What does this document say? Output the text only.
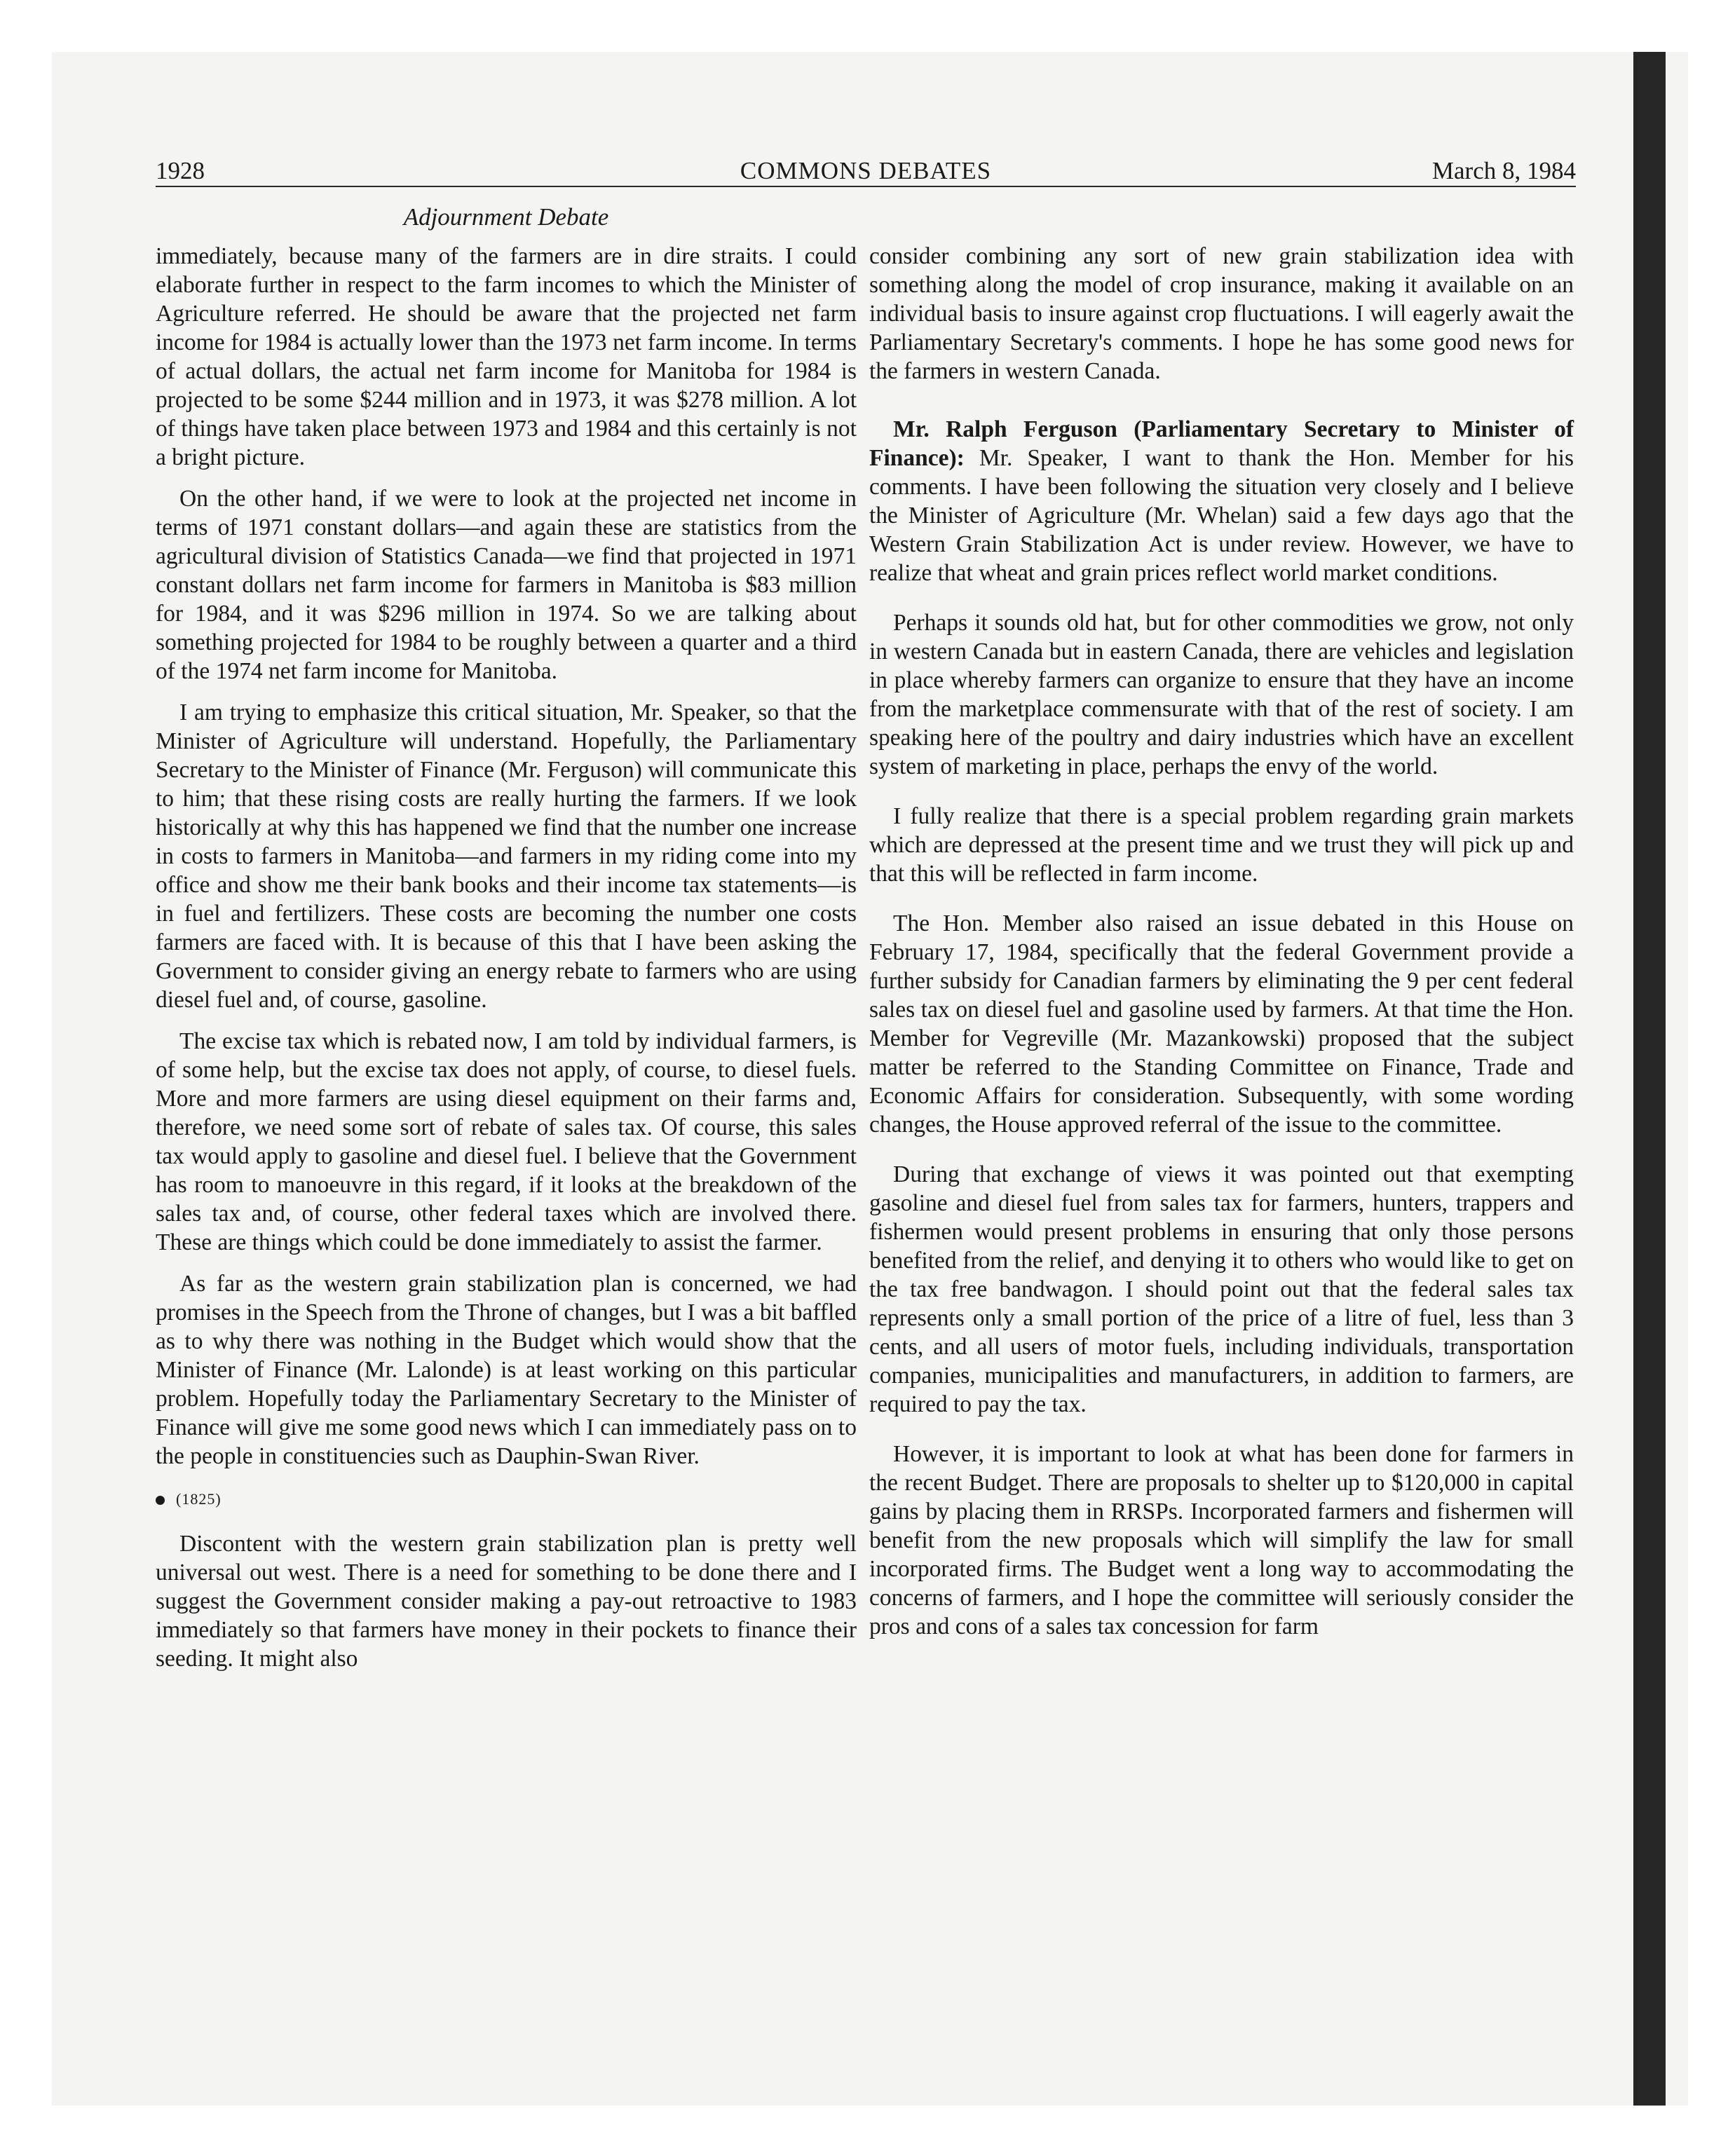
1928	COMMONS DEBATES	March 8, 1984
Adjournment Debate

immediately, because many of the farmers are in dire straits. I could elaborate further in respect to the farm incomes to which the Minister of Agriculture referred. He should be aware that the projected net farm income for 1984 is actually lower than the 1973 net farm income. In terms of actual dollars, the actual net farm income for Manitoba for 1984 is projected to be some $244 million and in 1973, it was $278 million. A lot of things have taken place between 1973 and 1984 and this certainly is not a bright picture.

On the other hand, if we were to look at the projected net income in terms of 1971 constant dollars—and again these are statistics from the agricultural division of Statistics Canada—we find that projected in 1971 constant dollars net farm income for farmers in Manitoba is $83 million for 1984, and it was $296 million in 1974. So we are talking about something projected for 1984 to be roughly between a quarter and a third of the 1974 net farm income for Manitoba.

I am trying to emphasize this critical situation, Mr. Speaker, so that the Minister of Agriculture will understand. Hopefully, the Parliamentary Secretary to the Minister of Finance (Mr. Ferguson) will communicate this to him; that these rising costs are really hurting the farmers. If we look historically at why this has happened we find that the number one increase in costs to farmers in Manitoba—and farmers in my riding come into my office and show me their bank books and their income tax statements—is in fuel and fertilizers. These costs are becoming the number one costs farmers are faced with. It is because of this that I have been asking the Government to consider giving an energy rebate to farmers who are using diesel fuel and, of course, gasoline.

The excise tax which is rebated now, I am told by individual farmers, is of some help, but the excise tax does not apply, of course, to diesel fuels. More and more farmers are using diesel equipment on their farms and, therefore, we need some sort of rebate of sales tax. Of course, this sales tax would apply to gasoline and diesel fuel. I believe that the Government has room to manoeuvre in this regard, if it looks at the breakdown of the sales tax and, of course, other federal taxes which are involved there. These are things which could be done immediately to assist the farmer.

As far as the western grain stabilization plan is concerned, we had promises in the Speech from the Throne of changes, but I was a bit baffled as to why there was nothing in the Budget which would show that the Minister of Finance (Mr. Lalonde) is at least working on this particular problem. Hopefully today the Parliamentary Secretary to the Minister of Finance will give me some good news which I can immediately pass on to the people in constituencies such as Dauphin-Swan River.

(1825)

Discontent with the western grain stabilization plan is pretty well universal out west. There is a need for something to be done there and I suggest the Government consider making a pay-out retroactive to 1983 immediately so that farmers have money in their pockets to finance their seeding. It might also

consider combining any sort of new grain stabilization idea with something along the model of crop insurance, making it available on an individual basis to insure against crop fluctuations. I will eagerly await the Parliamentary Secretary's comments. I hope he has some good news for the farmers in western Canada.

Mr. Ralph Ferguson (Parliamentary Secretary to Minister of Finance): Mr. Speaker, I want to thank the Hon. Member for his comments. I have been following the situation very closely and I believe the Minister of Agriculture (Mr. Whelan) said a few days ago that the Western Grain Stabilization Act is under review. However, we have to realize that wheat and grain prices reflect world market conditions.

Perhaps it sounds old hat, but for other commodities we grow, not only in western Canada but in eastern Canada, there are vehicles and legislation in place whereby farmers can organize to ensure that they have an income from the marketplace commensurate with that of the rest of society. I am speaking here of the poultry and dairy industries which have an excellent system of marketing in place, perhaps the envy of the world.

I fully realize that there is a special problem regarding grain markets which are depressed at the present time and we trust they will pick up and that this will be reflected in farm income.

The Hon. Member also raised an issue debated in this House on February 17, 1984, specifically that the federal Government provide a further subsidy for Canadian farmers by eliminating the 9 per cent federal sales tax on diesel fuel and gasoline used by farmers. At that time the Hon. Member for Vegreville (Mr. Mazankowski) proposed that the subject matter be referred to the Standing Committee on Finance, Trade and Economic Affairs for consideration. Subsequently, with some wording changes, the House approved referral of the issue to the committee.

During that exchange of views it was pointed out that exempting gasoline and diesel fuel from sales tax for farmers, hunters, trappers and fishermen would present problems in ensuring that only those persons benefited from the relief, and denying it to others who would like to get on the tax free bandwagon. I should point out that the federal sales tax represents only a small portion of the price of a litre of fuel, less than 3 cents, and all users of motor fuels, including individuals, transportation companies, municipalities and manufacturers, in addition to farmers, are required to pay the tax.

However, it is important to look at what has been done for farmers in the recent Budget. There are proposals to shelter up to $120,000 in capital gains by placing them in RRSPs. Incorporated farmers and fishermen will benefit from the new proposals which will simplify the law for small incorporated firms. The Budget went a long way to accommodating the concerns of farmers, and I hope the committee will seriously consider the pros and cons of a sales tax concession for farm
